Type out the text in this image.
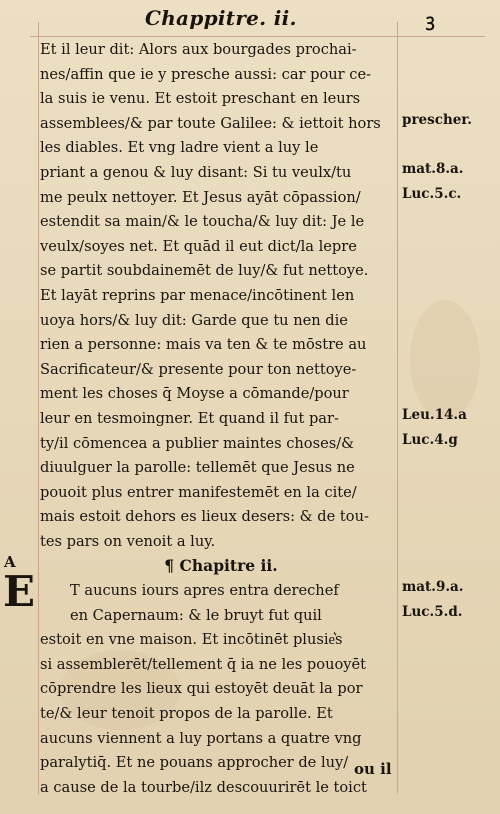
Chappitre. ii.	ꝫ
Et il leur dit: Alors aux bourgades prochai‑
nes/affin que ie y presche aussi: car pour ce‑
la suis ie venu. Et estoit preschant en leurs
assemblees/& par toute Galilee: & iettoit hors
les diables. Et vng ladre vient a luy le
priant a genou & luy disant: Si tu veulx/tu
me peulx nettoyer. Et Jesus ayāt cōpassion/
estendit sa main/& le toucha/& luy dit: Je le
veulx/soyes net. Et quād il eut dict/la lepre
se partit soubdainemēt de luy/& fut nettoye.
Et layāt reprins par menace/incōtinent len
uoya hors/& luy dit: Garde que tu nen die
rien a personne: mais va ten & te mōstre au
Sacrificateur/& presente pour ton nettoye‑
ment les choses q̄ Moyse a cōmande/pour
leur en tesmoingner. Et quand il fut par‑
ty/il cōmencea a publier maintes choses/&
diuulguer la parolle: tellemēt que Jesus ne
pouoit plus entrer manifestemēt en la cite/
mais estoit dehors es lieux desers: & de tou‑
tes pars on venoit a luy.
¶ Chapitre ii.
T aucuns iours apres entra derechef
en Capernaum: & le bruyt fut quil
estoit en vne maison. Et incōtinēt plusie͛s
si assemblerēt/tellement q̄ ia ne les pouoyēt
cōprendre les lieux qui estoyēt deuāt la por
te/& leur tenoit propos de la parolle. Et
aucuns viennent a luy portans a quatre vng
paralytiq̄. Et ne pouans approcher de luy/
a cause de la tourbe/ilz descouurirēt le toict
A
E
prescher.
mat.8.a.
Luc.5.c.
Leu.14.a
Luc.4.g
mat.9.a.
Luc.5.d.
ou il
